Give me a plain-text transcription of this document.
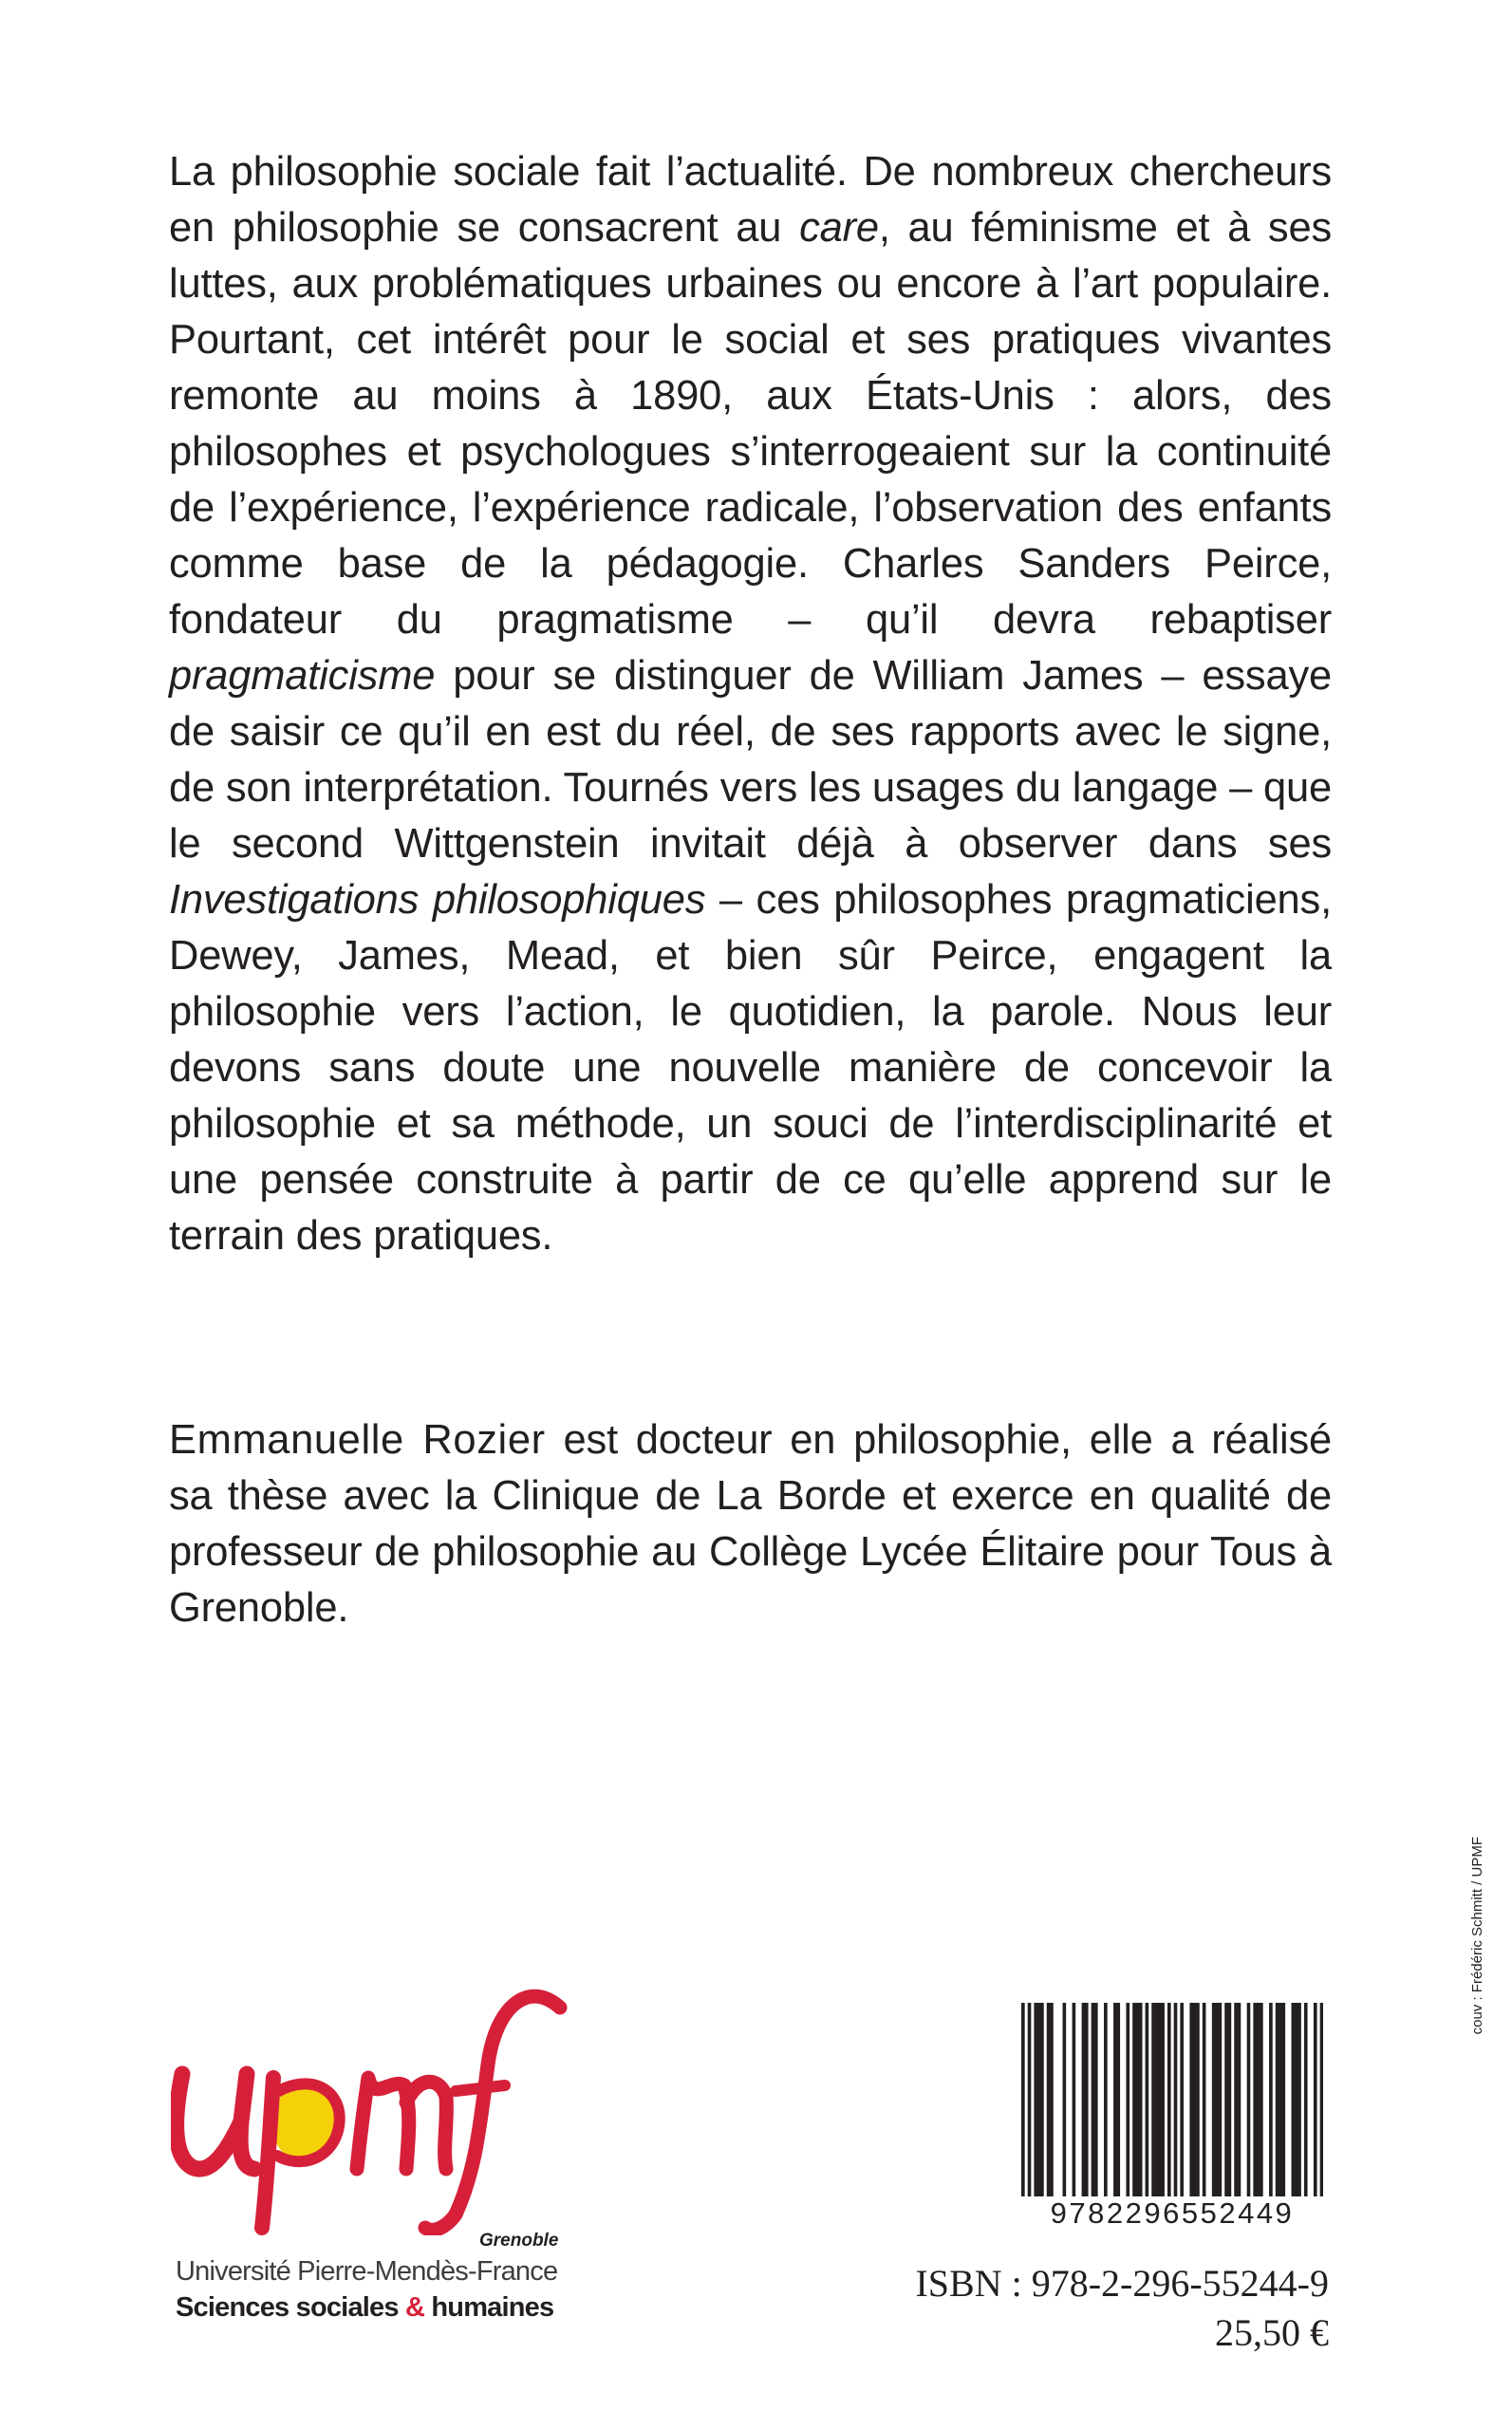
La philosophie sociale fait l’actualité. De nombreux chercheurs en philosophie se consacrent au care, au féminisme et à ses luttes, aux problématiques urbaines ou encore à l’art populaire. Pourtant, cet intérêt pour le social et ses pratiques vivantes remonte au moins à 1890, aux États-Unis : alors, des philosophes et psychologues s’interrogeaient sur la continuité de l’expérience, l’expérience radicale, l’observation des enfants comme base de la pédagogie. Charles Sanders Peirce, fondateur du pragmatisme – qu’il devra rebaptiser pragmaticisme pour se distinguer de William James – essaye de saisir ce qu’il en est du réel, de ses rapports avec le signe, de son interprétation. Tournés vers les usages du langage – que le second Wittgenstein invitait déjà à observer dans ses Investigations philosophiques – ces philosophes pragmaticiens, Dewey, James, Mead, et bien sûr Peirce, engagent la philosophie vers l’action, le quotidien, la parole. Nous leur devons sans doute une nouvelle manière de concevoir la philosophie et sa méthode, un souci de l’interdisciplinarité et une pensée construite à partir de ce qu’elle apprend sur le terrain des pratiques.
Emmanuelle Rozier est docteur en philosophie, elle a réalisé sa thèse avec la Clinique de La Borde et exerce en qualité de professeur de philosophie au Collège Lycée Élitaire pour Tous à Grenoble.
couv : Frédéric Schmitt / UPMF
Grenoble
Université Pierre-Mendès-France
Sciences sociales & humaines
9782296552449
ISBN : 978-2-296-55244-9
25,50 €
